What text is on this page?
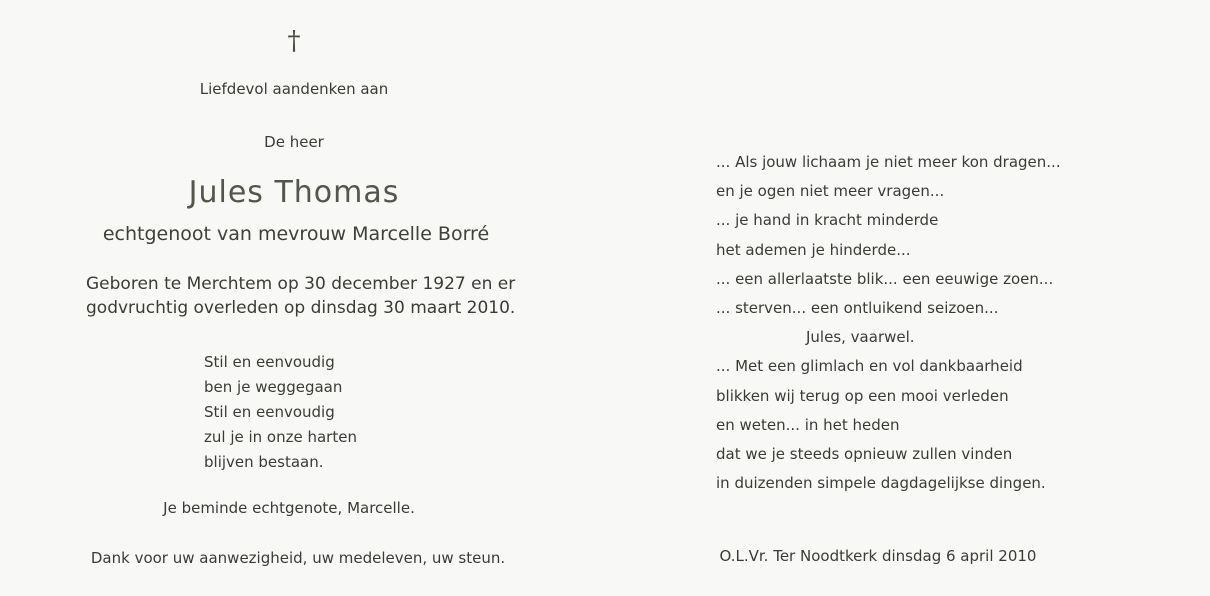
†
Liefdevol aandenken aan
De heer
Jules Thomas
echtgenoot van mevrouw Marcelle Borré
Geboren te Merchtem op 30 december 1927 en er
godvruchtig overleden op dinsdag 30 maart 2010.
Stil en eenvoudig
ben je weggegaan
Stil en eenvoudig
zul je in onze harten
blijven bestaan.
Je beminde echtgenote, Marcelle.
Dank voor uw aanwezigheid, uw medeleven, uw steun.
... Als jouw lichaam je niet meer kon dragen...
en je ogen niet meer vragen...
... je hand in kracht minderde
het ademen je hinderde...
... een allerlaatste blik... een eeuwige zoen...
... sterven... een ontluikend seizoen...
Jules, vaarwel.
... Met een glimlach en vol dankbaarheid
blikken wij terug op een mooi verleden
en weten... in het heden
dat we je steeds opnieuw zullen vinden
in duizenden simpele dagdagelijkse dingen.
O.L.Vr. Ter Noodtkerk dinsdag 6 april 2010
